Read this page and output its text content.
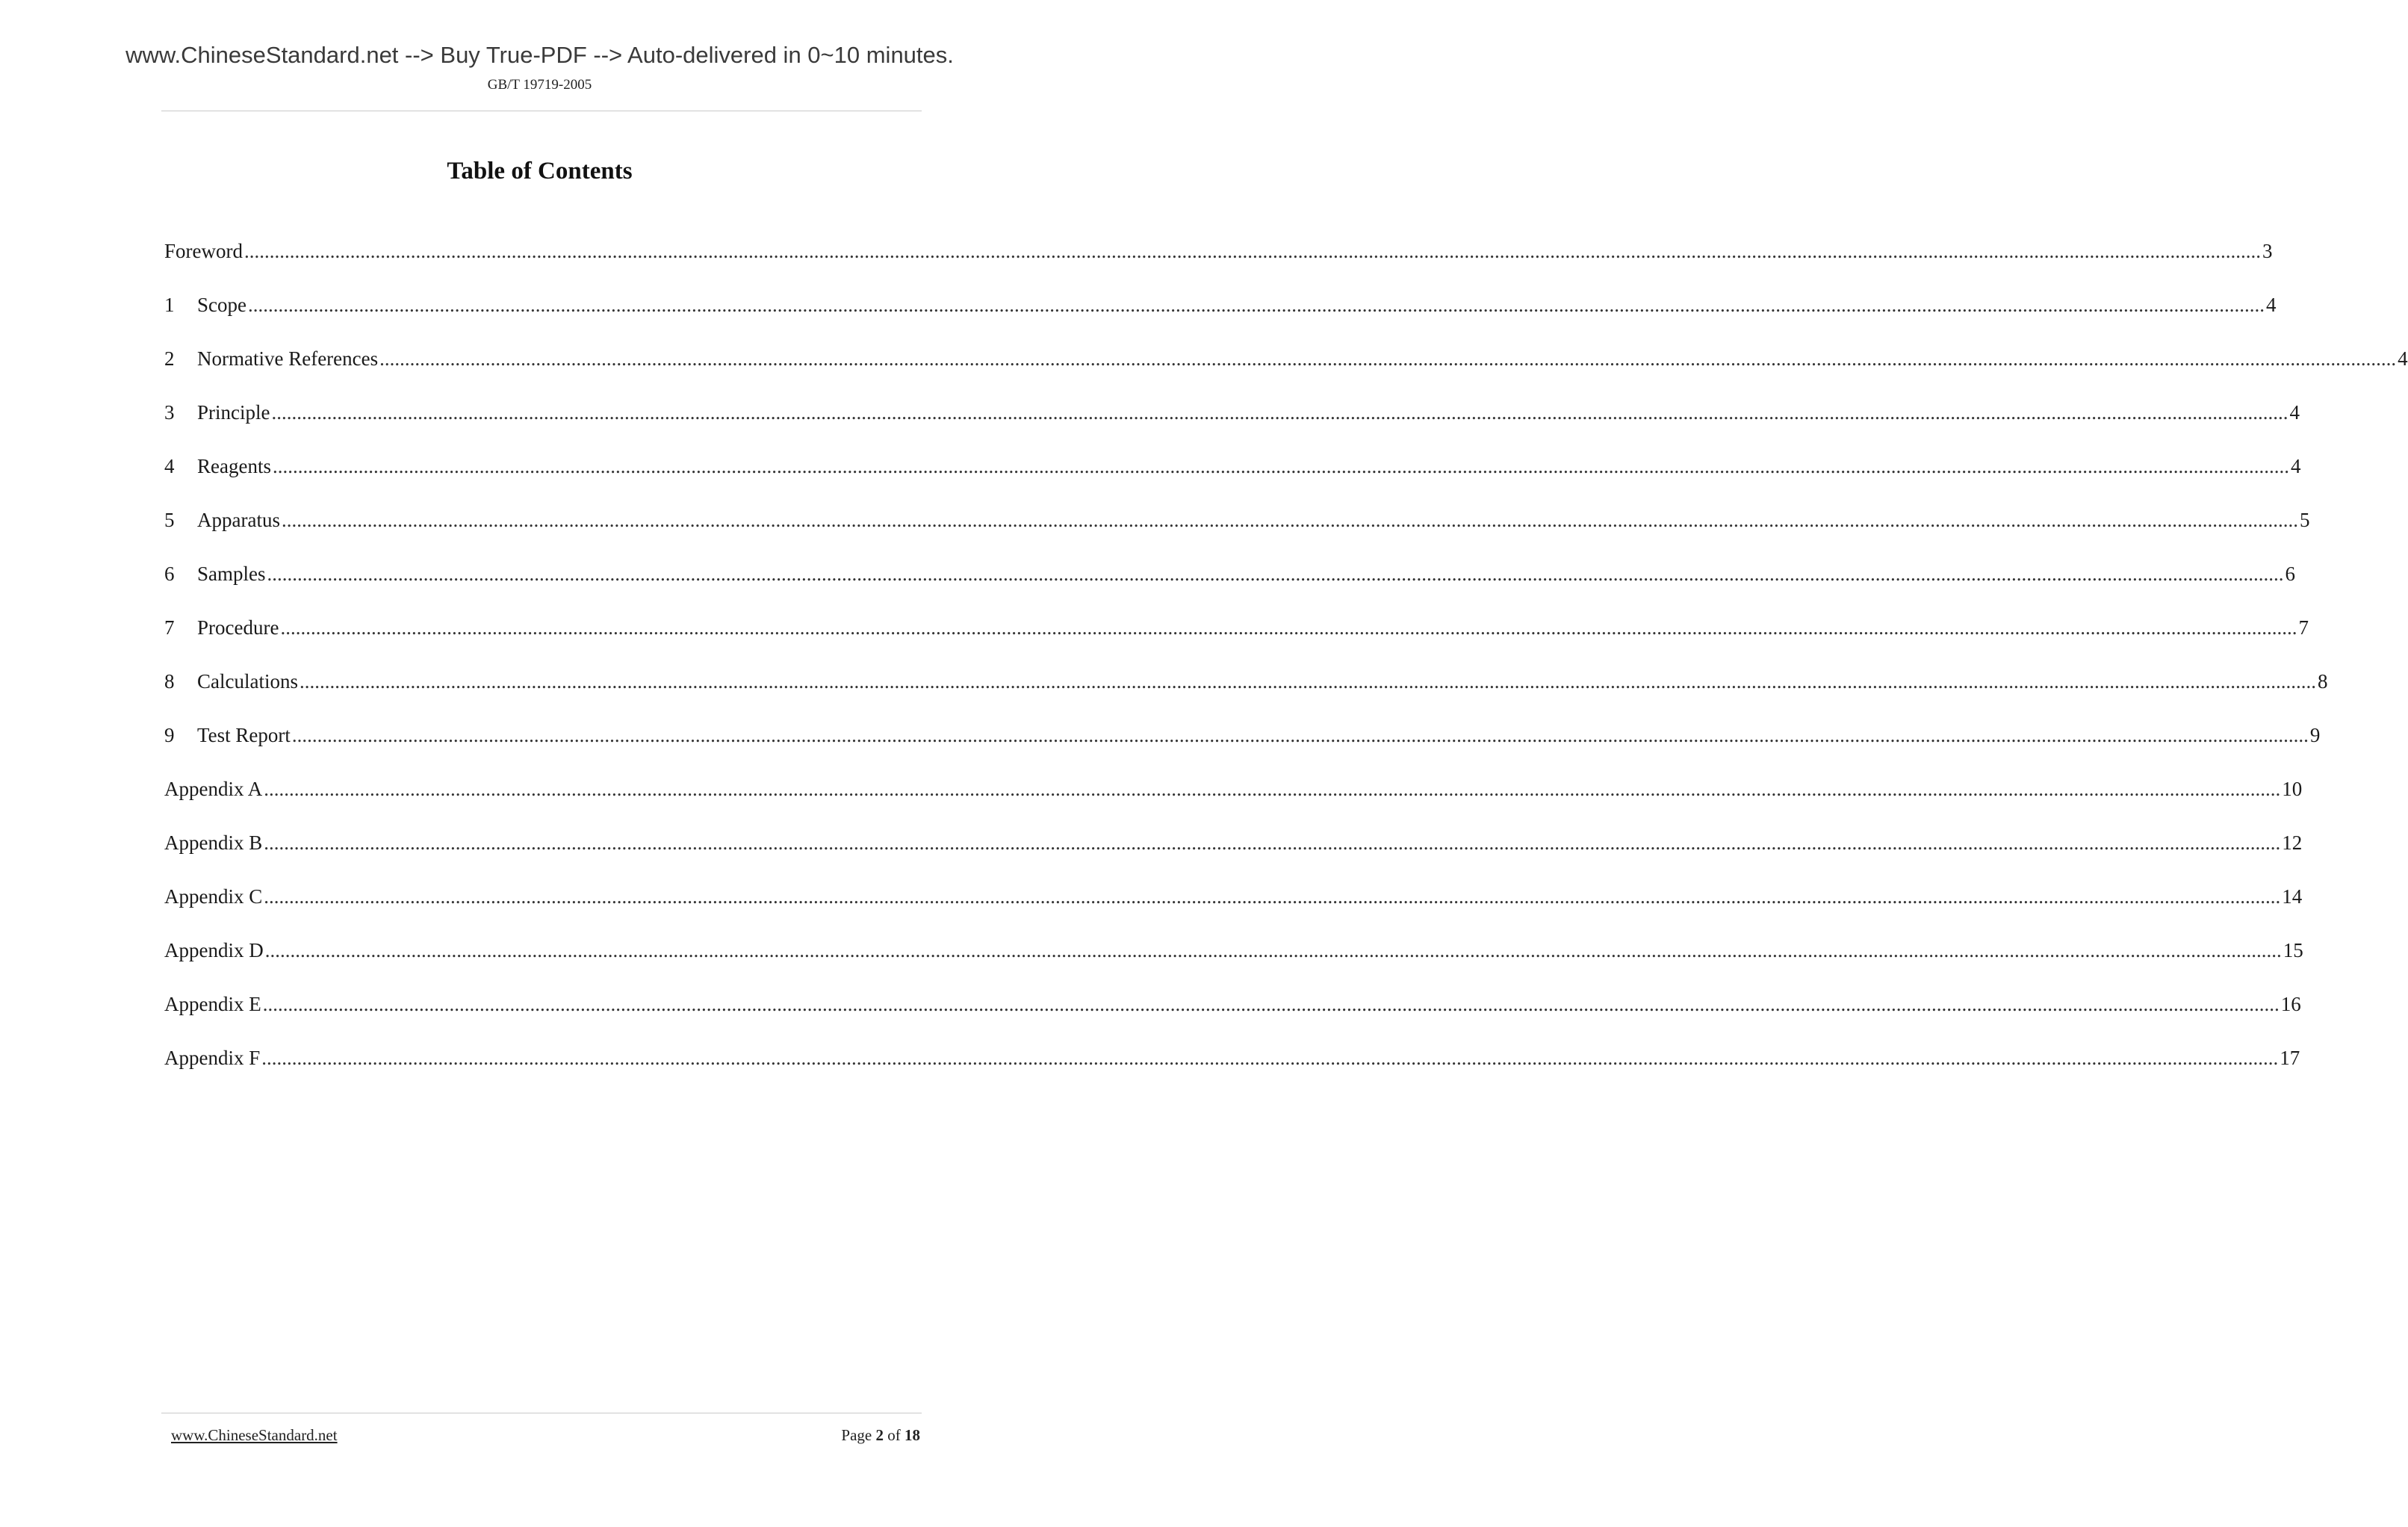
www.ChineseStandard.net --> Buy True-PDF --> Auto-delivered in 0~10 minutes.
GB/T 19719-2005
Table of Contents
Foreword ................................................................................................................................................................................................................................................................................................................................................................................................................ 3
1	Scope ................................................................................................................................................................................................................................................................................................................................................................................................................ 4
2	Normative References ................................................................................................................................................................................................................................................................................................................................................................................................................ 4
3	Principle ................................................................................................................................................................................................................................................................................................................................................................................................................ 4
4	Reagents ................................................................................................................................................................................................................................................................................................................................................................................................................ 4
5	Apparatus ................................................................................................................................................................................................................................................................................................................................................................................................................ 5
6	Samples ................................................................................................................................................................................................................................................................................................................................................................................................................ 6
7	Procedure ................................................................................................................................................................................................................................................................................................................................................................................................................ 7
8	Calculations ................................................................................................................................................................................................................................................................................................................................................................................................................ 8
9	Test Report ................................................................................................................................................................................................................................................................................................................................................................................................................ 9
Appendix A ................................................................................................................................................................................................................................................................................................................................................................................................................ 10
Appendix B ................................................................................................................................................................................................................................................................................................................................................................................................................ 12
Appendix C ................................................................................................................................................................................................................................................................................................................................................................................................................ 14
Appendix D ................................................................................................................................................................................................................................................................................................................................................................................................................ 15
Appendix E ................................................................................................................................................................................................................................................................................................................................................................................................................ 16
Appendix F ................................................................................................................................................................................................................................................................................................................................................................................................................ 17
www.ChineseStandard.net	Page 2 of 18
